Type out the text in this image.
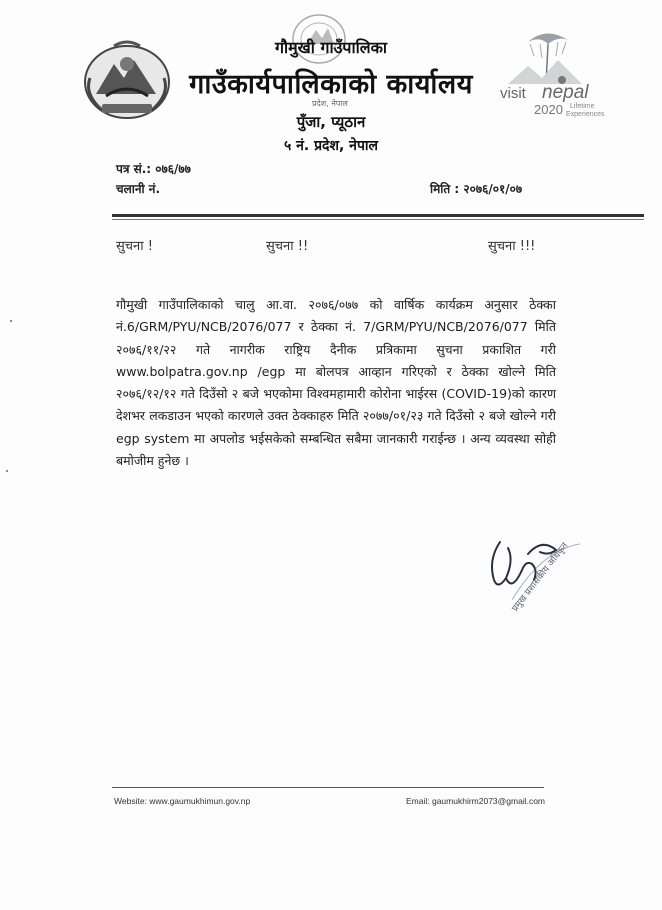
visit nepal
2020 Lifetime
Experiences
गौमुखी गाउँपालिका
गाउँकार्यपालिकाको कार्यालय
प्रदेश, नेपाल
पुँजा, प्यूठान
५ नं. प्रदेश, नेपाल
पत्र सं.: ०७६/७७
चलानी नं.	मिति : २०७६/०१/०७
सुचना !	सुचना !!	सुचना !!!
गौमुखी गाउँपालिकाको चालु आ.वा. २०७६/०७७ को वार्षिक कार्यक्रम अनुसार ठेक्का नं.6/GRM/PYU/NCB/2076/077 र ठेक्का नं. 7/GRM/PYU/NCB/2076/077 मिति २०७६/११/२२ गते नागरीक राष्ट्रिय दैनीक प्रत्रिकामा सुचना प्रकाशित गरी www.bolpatra.gov.np /egp मा बोलपत्र आव्हान गरिएको र ठेक्का खोल्ने मिति २०७६/१२/१२ गते दिउँसो २ बजे भएकोमा विश्वमहामारी कोरोना भाईरस (COVID-19)को कारण देशभर लकडाउन भएको कारणले उक्त ठेक्काहरु मिति २०७७/०१/२३ गते दिउँसो २ बजे खोल्ने गरी egp system मा अपलोड भईसकेको सम्बन्धित सबैमा जानकारी गराईन्छ । अन्य व्यवस्था सोही बमोजीम हुनेछ ।
प्रमुख प्रशासकीय अधिकृत
Website: www.gaumukhimun.gov.np	Email: gaumukhirm2073@gmail.com
